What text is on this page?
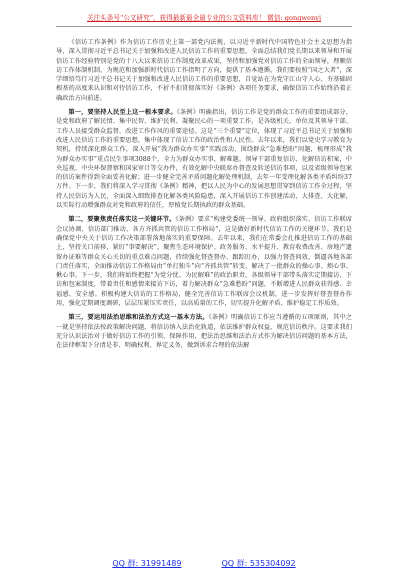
关注头条号“公文研究”，获得最新最全最专业的公文资料库！ 微信: gongwenyj

《信访工作条例》作为信访工作历史上第一部党内法规，以习近平新时代中国特色社会主义思想为指导，深入贯彻习近平总书记关于加强和改进人民信访工作的重要思想，全面总结我们党长期以来领导和开展信访工作经验特别是党的十八大以来信访工作制度改革成果，坚持和加强党对信访工作的全面领导，理顺信访工作体制机制，为规范和加强新时代信访工作指明了方向，提供了基本遵循。我们要按照“国之大者”，深学细悟笃行习近平总书记关于加强和改进人民信访工作的重要思想，自觉站在为党守江山守人心、夯基础固根基的高度来认识和对待信访工作，不折不扣贯彻落实好《条例》各项任务要求，确保信访工作始终沿着正确政治方向前进。

第一，要坚持人民至上这一根本要求。《条例》明确指出，信访工作是党的群众工作的重要组成部分，是党和政府了解民情、集中民智、维护民利、凝聚民心的一项重要工作，是各级机关、单位及其领导干部、工作人员接受群众监督、改进工作作风的重要途径。这是“三个重要”定位，体现了习近平总书记关于加强和改进人民信访工作的重要思想，集中体现了信访工作的政治性和人民性。去年以来，我们以党史学习教育为契机，持续深化群众工作，深入开展“我为群众办实事”实践活动，围绕群众“急难愁盼”问题，梳理形成“我为群众办实事”重点民生事项3088个，全力为群众办实事、解难题。领导干部重复信访、化解信访积案，中央巡视、中央环保督察和国家审计等交办件，有效化解中央联席办督查及转送信访事项，以及省级领导包案的信访案件得到全面妥善化解；进一步健全完善矛盾问题化解处理机制，去年一年受理化解各类矛盾纠纷37万件。下一步，我们将深入学习贯彻《条例》精神，把以人民为中心的发展思想贯穿到信访工作全过程，坚持人民信访为人民，全面深入细致排查化解各类风险隐患，深入开展信访工作创建活动，大排查、大化解，以实际行动增强群众对党和政府的信任，厚植党长期执政的群众基础。

第二，要聚焦责任落实这一关键环节。《条例》要求“构建党委统一领导、政府组织落实、信访工作联席会议协调、信访部门推动、各方齐抓共管的信访工作格局”，这是做好新时代信访工作的关键环节。我们是确保党中央关于信访工作决策部署落地落实的重要保障。去年以来，我们在常委会扎推进信访工作的基础上，坚持关口前移，紧盯“事要解决”，聚焦生态环境保护、政务服务、水平提升、教育收费改善、房地产遗留办证难等群众关心关切的重点难点问题，持续强化督查督办、跟踪盯办，以强力督查问效，倒逼各地各部门责任落实，全面推动信访工作格局由“单打独斗”向“齐抓共管”转变，解决了一批群众的操心事、烦心事、揪心事。下一步，我们将始终把握“为党分忧、为民解难”的政治职责，各级领导干部带头落实定期接访、下访和包案制度，带着责任和感情来接访下访，着力解决群众“急难愁盼”问题，不断增进人民群众获得感、幸福感、安全感。积极构建大信访的工作格局，健全完善信访工作联席会议机制，进一步发挥好督查督办作用，强化定期调度调研，层层压紧压实责任，以高质量的工作，切实提升化解矛盾、维护稳定工作质效。

第三，要运用法治思维和法治方式这一基本方法。《条例》明确信访工作应当遵循的五项原则，其中之一就是坚持依法按政策解决问题，将信访纳入法治化轨道，依法维护群众权益、规范信访秩序。这要求我们充分认识法治对于做好信访工作的引领、保障作用，把法治思维和法治方式作为解决信访问题的基本方法，在法律框架下分清是非、明确权利、界定义务，做到诉求合理的依法解

QQ 群: 31991489	QQ 群: 535304092
